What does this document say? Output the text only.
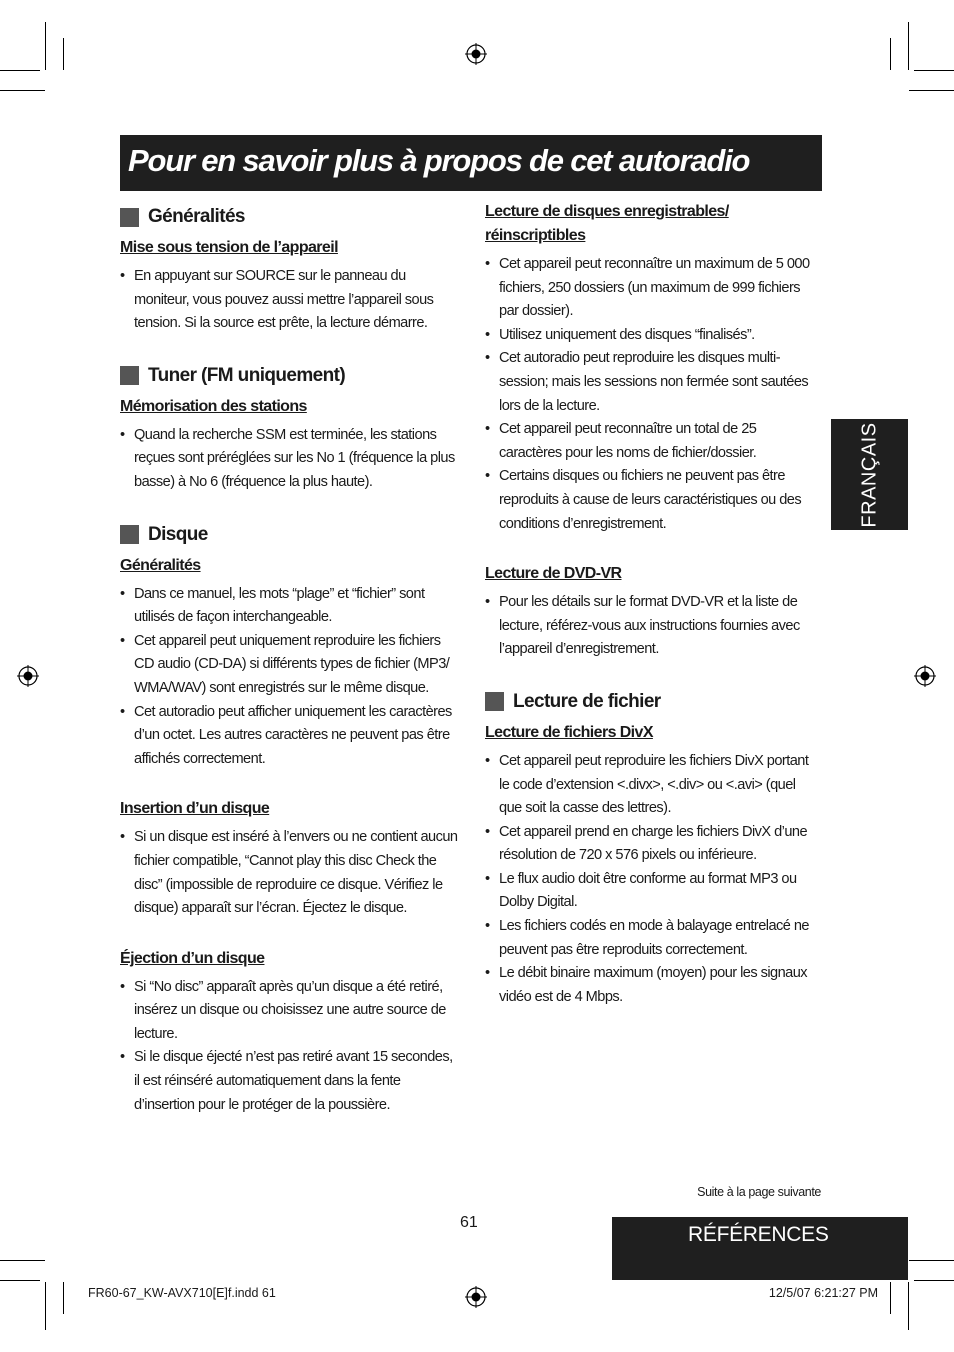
Pour en savoir plus à propos de cet autoradio
Généralités
Mise sous tension de l’appareil
• En appuyant sur SOURCE sur le panneau du moniteur, vous pouvez aussi mettre l’appareil sous tension. Si la source est prête, la lecture démarre.
Tuner (FM uniquement)
Mémorisation des stations
• Quand la recherche SSM est terminée, les stations reçues sont préréglées sur les No 1 (fréquence la plus basse) à No 6 (fréquence la plus haute).
Disque
Généralités
• Dans ce manuel, les mots “plage” et “fichier” sont utilisés de façon interchangeable.
• Cet appareil peut uniquement reproduire les fichiers CD audio (CD-DA) si différents types de fichier (MP3/ WMA/WAV) sont enregistrés sur le même disque.
• Cet autoradio peut afficher uniquement les caractères d’un octet. Les autres caractères ne peuvent pas être affichés correctement.
Insertion d’un disque
• Si un disque est inséré à l’envers ou ne contient aucun fichier compatible, “Cannot play this disc Check the disc” (impossible de reproduire ce disque. Vérifiez le disque) apparaît sur l’écran. Éjectez le disque.
Éjection d’un disque
• Si “No disc” apparaît après qu’un disque a été retiré, insérez un disque ou choisissez une autre source de lecture.
• Si le disque éjecté n’est pas retiré avant 15 secondes, il est réinséré automatiquement dans la fente d’insertion pour le protéger de la poussière.
Lecture de disques enregistrables/ réinscriptibles
• Cet appareil peut reconnaître un maximum de 5 000 fichiers, 250 dossiers (un maximum de 999 fichiers par dossier).
• Utilisez uniquement des disques “finalisés”.
• Cet autoradio peut reproduire les disques multi-session; mais les sessions non fermée sont sautées lors de la lecture.
• Cet appareil peut reconnaître un total de 25 caractères pour les noms de fichier/dossier.
• Certains disques ou fichiers ne peuvent pas être reproduits à cause de leurs caractéristiques ou des conditions d’enregistrement.
Lecture de DVD-VR
• Pour les détails sur le format DVD-VR et la liste de lecture, référez-vous aux instructions fournies avec l’appareil d’enregistrement.
Lecture de fichier
Lecture de fichiers DivX
• Cet appareil peut reproduire les fichiers DivX portant le code d’extension <.divx>, <.div> ou <.avi> (quel que soit la casse des lettres).
• Cet appareil prend en charge les fichiers DivX d’une résolution de 720 x 576 pixels ou inférieure.
• Le flux audio doit être conforme au format MP3 ou Dolby Digital.
• Les fichiers codés en mode à balayage entrelacé ne peuvent pas être reproduits correctement.
• Le débit binaire maximum (moyen) pour les signaux vidéo est de 4 Mbps.
FRANÇAIS
Suite à la page suivante
61
RÉFÉRENCES
FR60-67_KW-AVX710[E]f.indd 61	12/5/07 6:21:27 PM
